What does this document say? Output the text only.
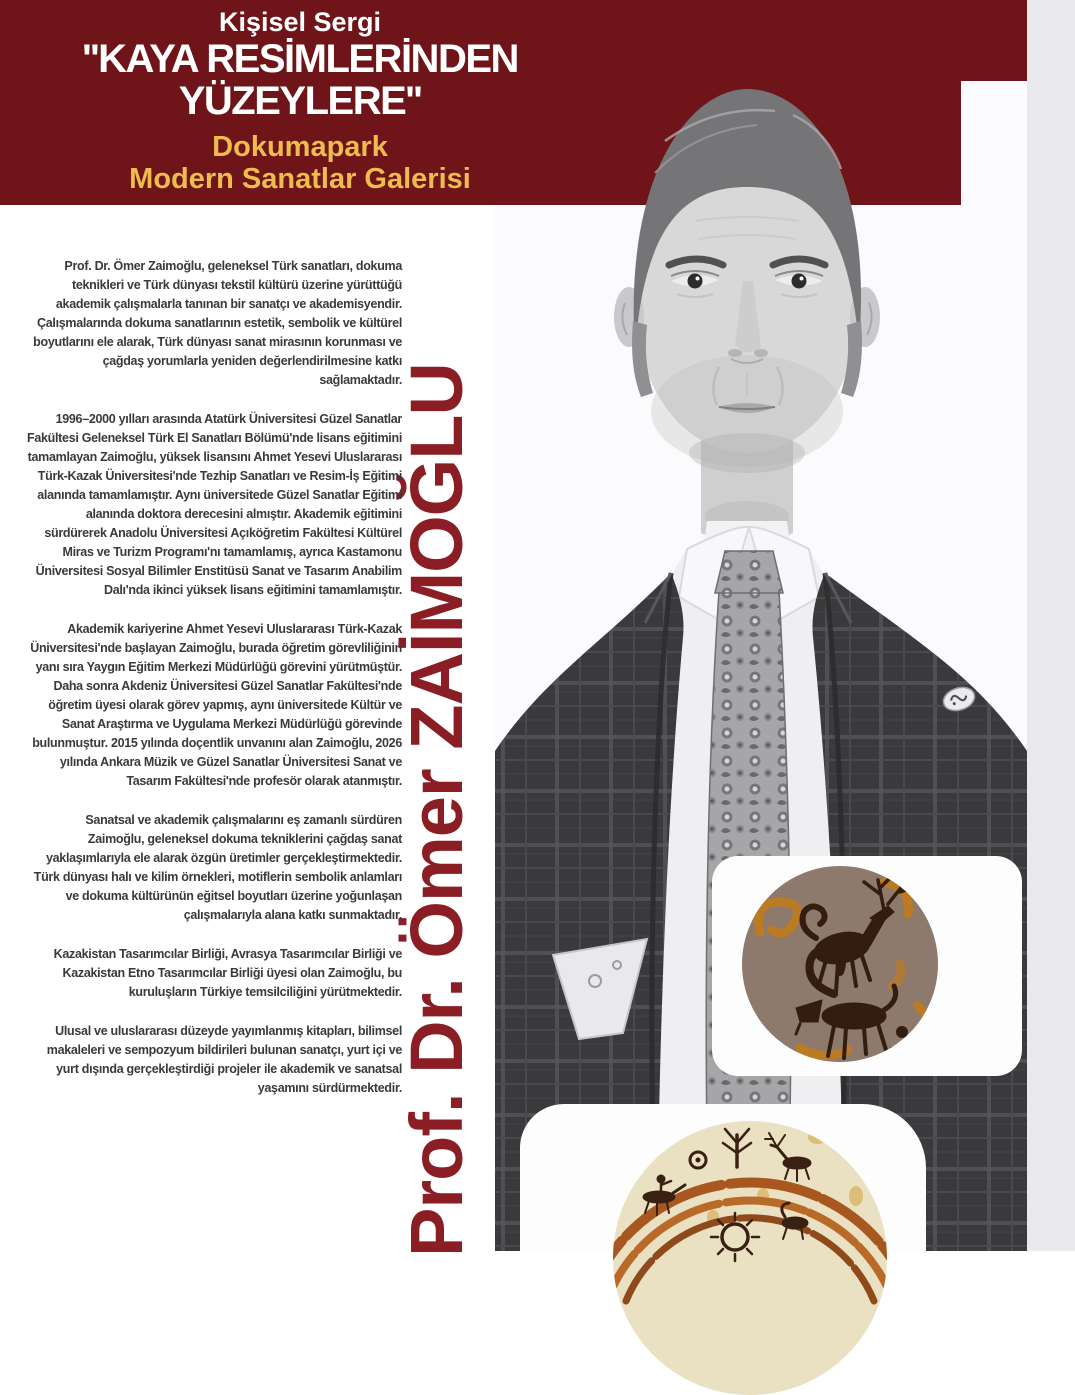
Kişisel Sergi
''KAYA RESİMLERİNDEN
YÜZEYLERE''
Dokumapark
Modern Sanatlar Galerisi
Prof. Dr. Ömer ZAİMOĞLU

Prof. Dr. Ömer Zaimoğlu, geleneksel Türk sanatları, dokuma teknikleri ve Türk dünyası tekstil kültürü üzerine yürüttüğü akademik çalışmalarla tanınan bir sanatçı ve akademisyendir. Çalışmalarında dokuma sanatlarının estetik, sembolik ve kültürel boyutlarını ele alarak, Türk dünyası sanat mirasının korunması ve çağdaş yorumlarla yeniden değerlendirilmesine katkı sağlamaktadır.

1996–2000 yılları arasında Atatürk Üniversitesi Güzel Sanatlar Fakültesi Geleneksel Türk El Sanatları Bölümü'nde lisans eğitimini tamamlayan Zaimoğlu, yüksek lisansını Ahmet Yesevi Uluslararası Türk-Kazak Üniversitesi'nde Tezhip Sanatları ve Resim-İş Eğitimi alanında tamamlamıştır. Aynı üniversitede Güzel Sanatlar Eğitimi alanında doktora derecesini almıştır. Akademik eğitimini sürdürerek Anadolu Üniversitesi Açıköğretim Fakültesi Kültürel Miras ve Turizm Programı'nı tamamlamış, ayrıca Kastamonu Üniversitesi Sosyal Bilimler Enstitüsü Sanat ve Tasarım Anabilim Dalı'nda ikinci yüksek lisans eğitimini tamamlamıştır.

Akademik kariyerine Ahmet Yesevi Uluslararası Türk-Kazak Üniversitesi'nde başlayan Zaimoğlu, burada öğretim görevliliğinin yanı sıra Yaygın Eğitim Merkezi Müdürlüğü görevini yürütmüştür. Daha sonra Akdeniz Üniversitesi Güzel Sanatlar Fakültesi'nde öğretim üyesi olarak görev yapmış, aynı üniversitede Kültür ve Sanat Araştırma ve Uygulama Merkezi Müdürlüğü görevinde bulunmuştur. 2015 yılında doçentlik unvanını alan Zaimoğlu, 2026 yılında Ankara Müzik ve Güzel Sanatlar Üniversitesi Sanat ve Tasarım Fakültesi'nde profesör olarak atanmıştır.

Sanatsal ve akademik çalışmalarını eş zamanlı sürdüren Zaimoğlu, geleneksel dokuma tekniklerini çağdaş sanat yaklaşımlarıyla ele alarak özgün üretimler gerçekleştirmektedir. Türk dünyası halı ve kilim örnekleri, motiflerin sembolik anlamları ve dokuma kültürünün eğitsel boyutları üzerine yoğunlaşan çalışmalarıyla alana katkı sunmaktadır.

Kazakistan Tasarımcılar Birliği, Avrasya Tasarımcılar Birliği ve Kazakistan Etno Tasarımcılar Birliği üyesi olan Zaimoğlu, bu kuruluşların Türkiye temsilciliğini yürütmektedir.

Ulusal ve uluslararası düzeyde yayımlanmış kitapları, bilimsel makaleleri ve sempozyum bildirileri bulunan sanatçı, yurt içi ve yurt dışında gerçekleştirdiği projeler ile akademik ve sanatsal yaşamını sürdürmektedir.
